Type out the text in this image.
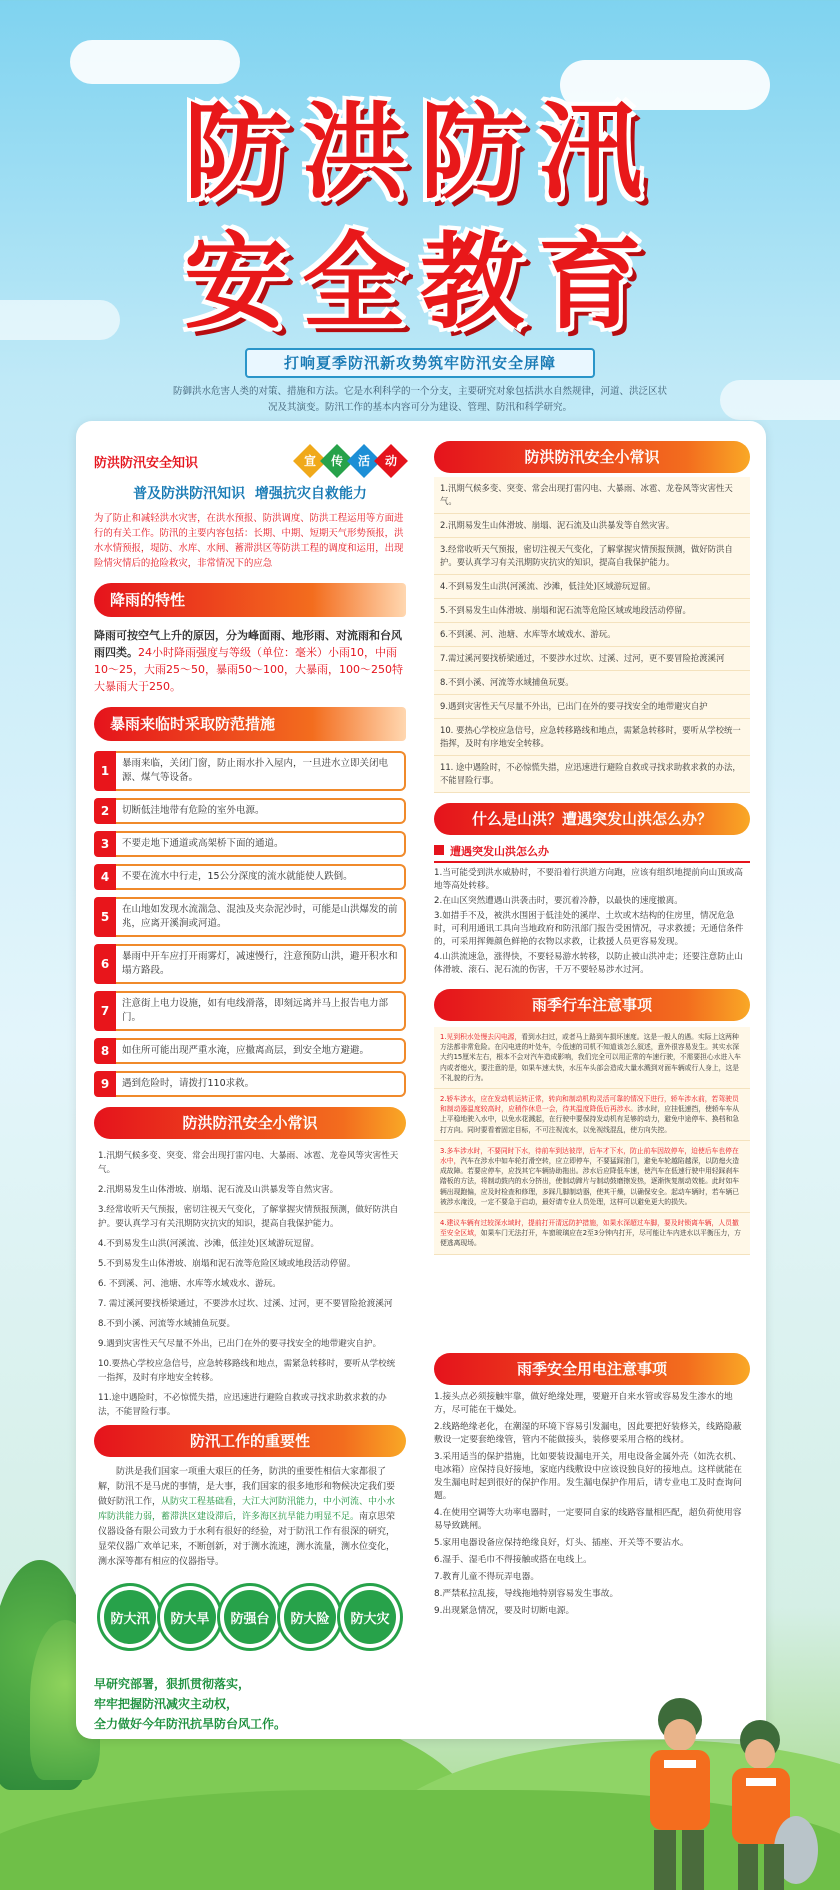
防洪防汛
安全教育
打响夏季防汛新攻势筑牢防汛安全屏障
防御洪水危害人类的对策、措施和方法。它是水利科学的一个分支，主要研究对象包括洪水自然规律，河道、洪泛区状况及其演变。防汛工作的基本内容可分为建设、管理、防汛和科学研究。
防洪防汛安全知识	宣	传	活	动
普及防洪防汛知识  增强抗灾自救能力
为了防止和减轻洪水灾害，在洪水预报、防洪调度、防洪工程运用等方面进行的有关工作。防汛的主要内容包括：长期、中期、短期天气形势预报，洪水水情预报，堤防、水库、水闸、蓄滞洪区等防洪工程的调度和运用，出现险情灾情后的抢险救灾，非常情况下的应急
降雨的特性
降雨可按空气上升的原因，分为峰面雨、地形雨、对流雨和台风雨四类。24小时降雨强度与等级（单位：毫米）小雨10，中雨10〜25，大雨25〜50，暴雨50〜100，大暴雨，100〜250特大暴雨大于250。
暴雨来临时采取防范措施
1
暴雨来临，关闭门窗，防止雨水扑入屋内，一旦进水立即关闭电源、煤气等设备。
2	切断低洼地带有危险的室外电源。
3	不要走地下通道或高架桥下面的通道。
4	不要在流水中行走，15公分深度的流水就能使人跌倒。
5
在山地如发现水流湍急、混浊及夹杂泥沙时，可能是山洪爆发的前兆，应离开溪涧或河道。
6
暴雨中开车应打开雨雾灯，减速慢行，注意预防山洪，避开积水和塌方路段。
7
注意街上电力设施，如有电线滑落，即刻远离并马上报告电力部门。
8	如住所可能出现严重水淹，应撤离高层，到安全地方避避。
9	遇到危险时，请拨打110求救。
防洪防汛安全小常识

1.汛期气候多变、突变、常会出现打雷闪电、大暴雨、冰雹、龙卷风等灾害性天气。

2.汛期易发生山体滑坡、崩塌、泥石流及山洪暴发等自然灾害。

3.经常收听天气预报，密切注视天气变化，了解掌握灾情预报预测，做好防洪自护。要认真学习有关汛期防灾抗灾的知识，提高自我保护能力。

4.不到易发生山洪(河溪流、沙滩，低洼处)区域游玩逗留。

5.不到易发生山体滑坡、崩塌和泥石流等危险区域或地段活动停留。

6. 不到溪、河、池塘、水库等水域戏水、游玩。

7. 需过溪河要找桥梁通过，不要涉水过坎、过溪、过河，更不要冒险抢渡溪河

8.不到小溪、河流等水域捕鱼玩耍。

9.遇到灾害性天气尽量不外出，已出门在外的要寻找安全的地带避灾自护。

10.要热心学校应急信号，应急转移路线和地点，需紧急转移时，要听从学校统一指挥，及时有序地安全转移。

11.途中遇险时，不必惊慌失措，应迅速进行避险自救或寻找求助救求救的办法，不能冒险行事。

防汛工作的重要性
防洪是我们国家一项重大艰巨的任务，防洪的重要性相信大家都很了解，防汛不是马虎的事情，是大事，我们国家的很多地形和物候决定我们要做好防汛工作，从防灾工程基础看，大江大河防汛能力，中小河流、中小水库防洪能力弱，蓄滞洪区建设滞后，许多海区抗旱能力明显不足。南京思荣仪器设备有限公司致力于水利有很好的经验，对于防汛工作有很深的研究，显荣仪器广欢单记来，不断创新，对于测水流速，测水流量，测水位变化，测水深等都有相应的仪器指导。
防大汛	防大旱	防强台	防大险	防大灾
早研究部署，狠抓贯彻落实，
牢牢把握防汛减灾主动权，
全力做好今年防汛抗旱防台风工作。
防洪防汛安全小常识
1.汛期气候多变、突变、常会出现打雷闪电、大暴雨、冰雹、龙卷风等灾害性天气。
2.汛期易发生山体滑坡、崩塌、泥石流及山洪暴发等自然灾害。
3.经常收听天气预报，密切注视天气变化，了解掌握灾情预报预测，做好防洪自护。要认真学习有关汛期防灾抗灾的知识，提高自我保护能力。
4.不到易发生山洪(河溪流、沙滩，低洼处)区域游玩逗留。
5.不到易发生山体滑坡、崩塌和泥石流等危险区域或地段活动停留。
6.不到溪、河、池塘、水库等水域戏水、游玩。
7.需过溪河要找桥梁通过，不要涉水过坎、过溪、过河，更不要冒险抢渡溪河
8.不到小溪、河流等水域捕鱼玩耍。
9.遇到灾害性天气尽量不外出，已出门在外的要寻找安全的地带避灾自护
10. 要热心学校应急信号，应急转移路线和地点，需紧急转移时，要听从学校统一指挥，及时有序地安全转移。
11. 途中遇险时，不必惊慌失措，应迅速进行避险自救或寻找求助救求救的办法，不能冒险行事。
什么是山洪？遭遇突发山洪怎么办？
遭遇突发山洪怎么办

1.当可能受到洪水威胁时，不要沿着行洪道方向跑，应该有组织地提前向山顶或高地等高处转移。

2.在山区突然遭遇山洪袭击时，要沉着冷静，以最快的速度撤离。

3.如措手不及，被洪水围困于低洼处的溪岸、土坎或木结构的住房里，情况危急时，可利用通讯工具向当地政府和防汛部门报告受困情况，寻求救援；无通信条件的，可采用挥舞颜色鲜艳的衣物以求救，让救援人员更容易发现。

4.山洪流速急，涨得快，不要轻易游水转移，以防止被山洪冲走；还要注意防止山体滑坡、滚石、泥石流的伤害，千万不要轻易涉水过河。

雨季行车注意事项
1.见到积水处慢去闪电源，看到水扫过，或者马上路到车损坏速度。这是一般人的遇。实际上这两种方法都非常危险。在闪电进的叶处车，今低速的司机不知道该怎么叙述，意外很容易发生。其实水深大约15厘米左右，根本不会对汽车造成影响，我们完全可以用正常的车速行驶，不需要担心水进入车内或者熄火，要注意的是，如果车速太快，水压车头部会造成大量水溅到对面车辆或行人身上，这是不礼貌的行为。
2.轿车涉水，应在发动机运转正常，转向和制动机构灵活可靠的情况下进行，轿车涉水前，若驾驶员和制动器温度较高时，应稍作休息一会，待其温度降低后再涉水。涉水时，应挂低速挡，使轿车车从上平稳地驶入水中，以免水花溅起，在行驶中要保持发动机有足够的动力，避免中途停车、换档和急打方向。同时要看着固定目标，不可注视流水，以免视线混乱，使方向失控。
3.多车涉水时，不要同时下水，待前车到达彼岸，后车才下水，防止前车因故停车，迫使后车也停在水中，汽车在涉水中如车轮打滑空转，应立即停车，不要猛踩油门，避免车轮越陷越深，以防熄火造成故障。若要应停车，应找其它车辆协助拖出。涉水后应降低车速，使汽车在低速行驶中用轻踩刹车踏板的方法，将制动鼓内的水分挤出，使制动蹄片与制动鼓磨擦发热，逐渐恢复制动效能。此时如车辆出现跑偏，应及时检查和修理，多踩几脚制动器，使其干燥，以确保安全。起动车辆时，若车辆已被涉水淹没，一定不要急于启动，最好请专业人员处理，这样可以避免更大的损失。
4.建议车辆有过较深水域时，提前打开清远防护措施，如果水深超过车脚，要及时锁离车辆，人员撤至安全区域，如果车门无法打开，车窗玻璃应在2至3分钟内打开，尽可能让车内进水以平衡压力，方便逃离现场。
雨季安全用电注意事项

1.接头点必须接触牢靠，做好绝缘处理，要避开自来水管或容易发生渗水的地方，尽可能在干燥处。

2.线路绝缘老化，在潮湿的环境下容易引发漏电，因此要把好装修关，线路隐蔽敷设一定要套绝缘管，管内不能做接头，装修要采用合格的线材。

3.采用适当的保护措施，比如要装设漏电开关，用电设备金属外壳（如洗衣机、电冰箱）应保持良好接地，家庭内线敷设中应该设独良好的接地点。这样就能在发生漏电时起到很好的保护作用。发生漏电保护作用后，请专业电工及时查询问题。

4.在使用空调等大功率电器时，一定要同自家的线路容量相匹配，超负荷使用容易导致跳闸。

5.家用电器设备应保持绝缘良好，灯头、插座、开关等不要沾水。

6.湿手、湿毛巾不得接触或搭在电线上。

7.教育儿童不得玩弄电器。

8.严禁私拉乱接，导线拖地特别容易发生事故。

9.出现紧急情况，要及时切断电源。
